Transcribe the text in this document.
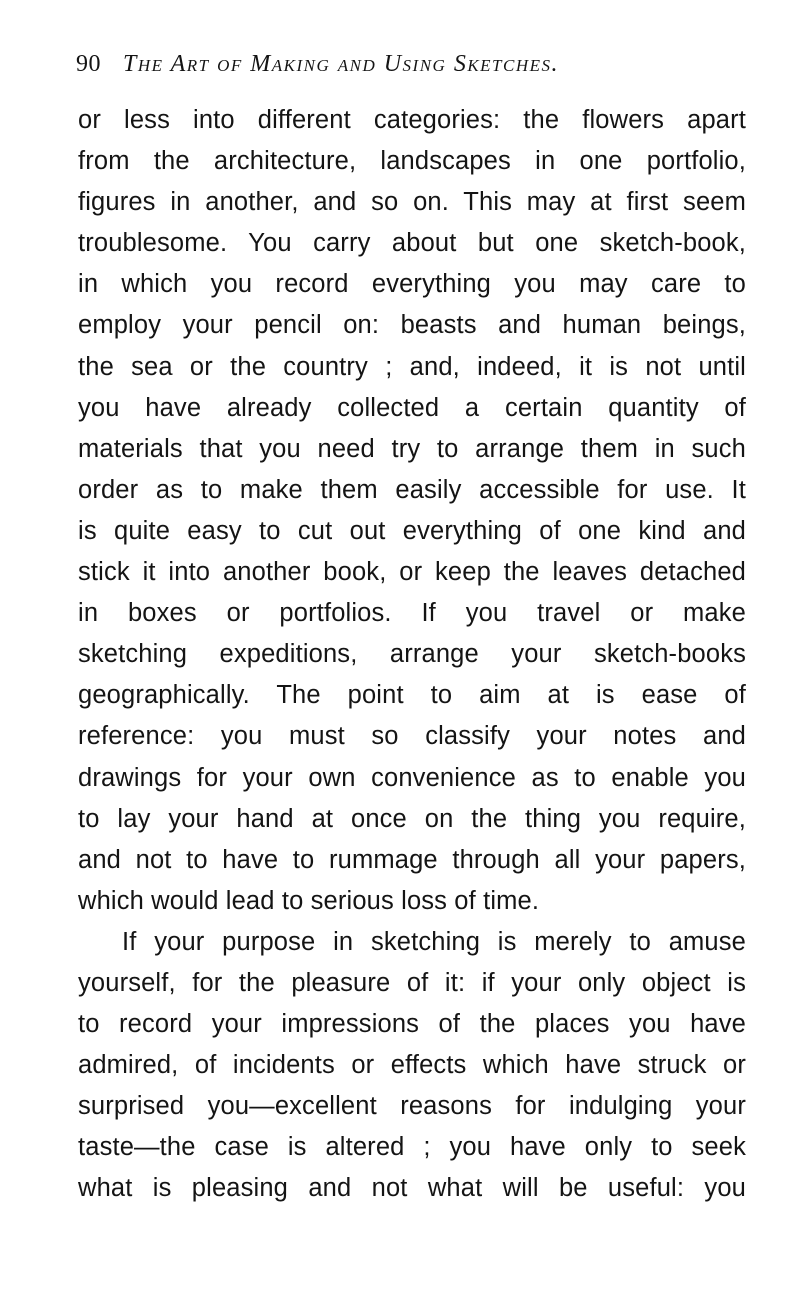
90 The Art of Making and Using Sketches.
or less into different categories: the flowers apart
from the architecture, landscapes in one portfolio,
figures in another, and so on. This may at first seem
troublesome. You carry about but one sketch-book,
in which you record everything you may care to
employ your pencil on: beasts and human beings,
the sea or the country ; and, indeed, it is not until
you have already collected a certain quantity of
materials that you need try to arrange them in such
order as to make them easily accessible for use. It
is quite easy to cut out everything of one kind and
stick it into another book, or keep the leaves detached
in boxes or portfolios. If you travel or make
sketching expeditions, arrange your sketch-books
geographically. The point to aim at is ease of
reference: you must so classify your notes and
drawings for your own convenience as to enable you
to lay your hand at once on the thing you require,
and not to have to rummage through all your papers,
which would lead to serious loss of time.
If your purpose in sketching is merely to amuse
yourself, for the pleasure of it: if your only object is
to record your impressions of the places you have
admired, of incidents or effects which have struck or
surprised you—excellent reasons for indulging your
taste—the case is altered ; you have only to seek
what is pleasing and not what will be useful: you
